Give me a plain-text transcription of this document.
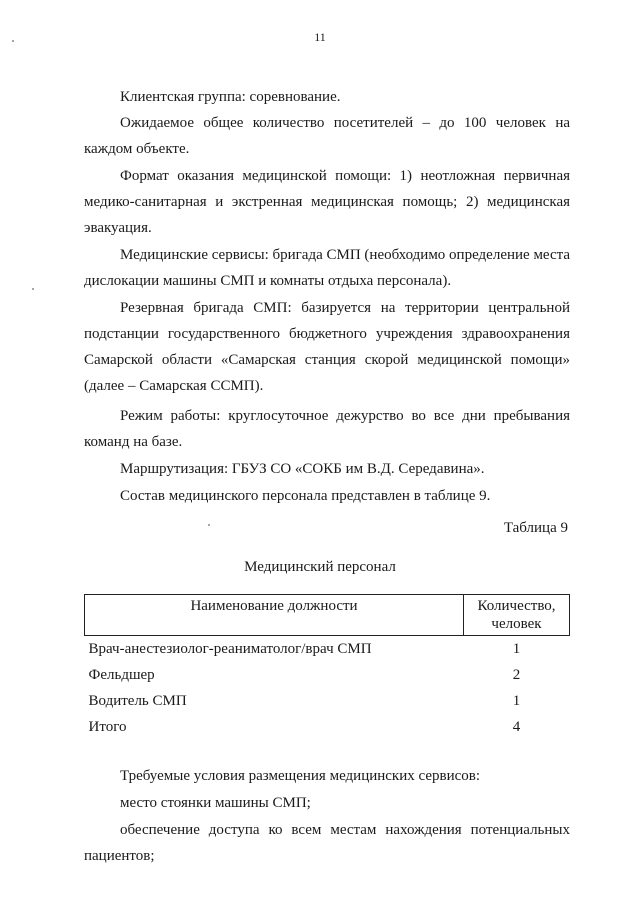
11

Клиентская группа: соревнование.

Ожидаемое общее количество посетителей – до 100 человек на каждом объекте.

Формат оказания медицинской помощи: 1) неотложная первичная медико-санитарная и экстренная медицинская помощь; 2) медицинская эвакуация.

Медицинские сервисы: бригада СМП (необходимо определение места дислокации машины СМП и комнаты отдыха персонала).

Резервная бригада СМП: базируется на территории центральной подстанции государственного бюджетного учреждения здравоохранения Самарской области «Самарская станция скорой медицинской помощи» (далее – Самарская ССМП).

Режим работы: круглосуточное дежурство во все дни пребывания команд на базе.

Маршрутизация: ГБУЗ СО «СОКБ им В.Д. Середавина».

Состав медицинского персонала представлен в таблице 9.

Таблица 9
Медицинский персонал
Наименование должности	Количество, человек
Врач-анестезиолог-реаниматолог/врач СМП	1
Фельдшер	2
Водитель СМП	1
Итого	4

Требуемые условия размещения медицинских сервисов:

место стоянки машины СМП;

обеспечение доступа ко всем местам нахождения потенциальных пациентов;
